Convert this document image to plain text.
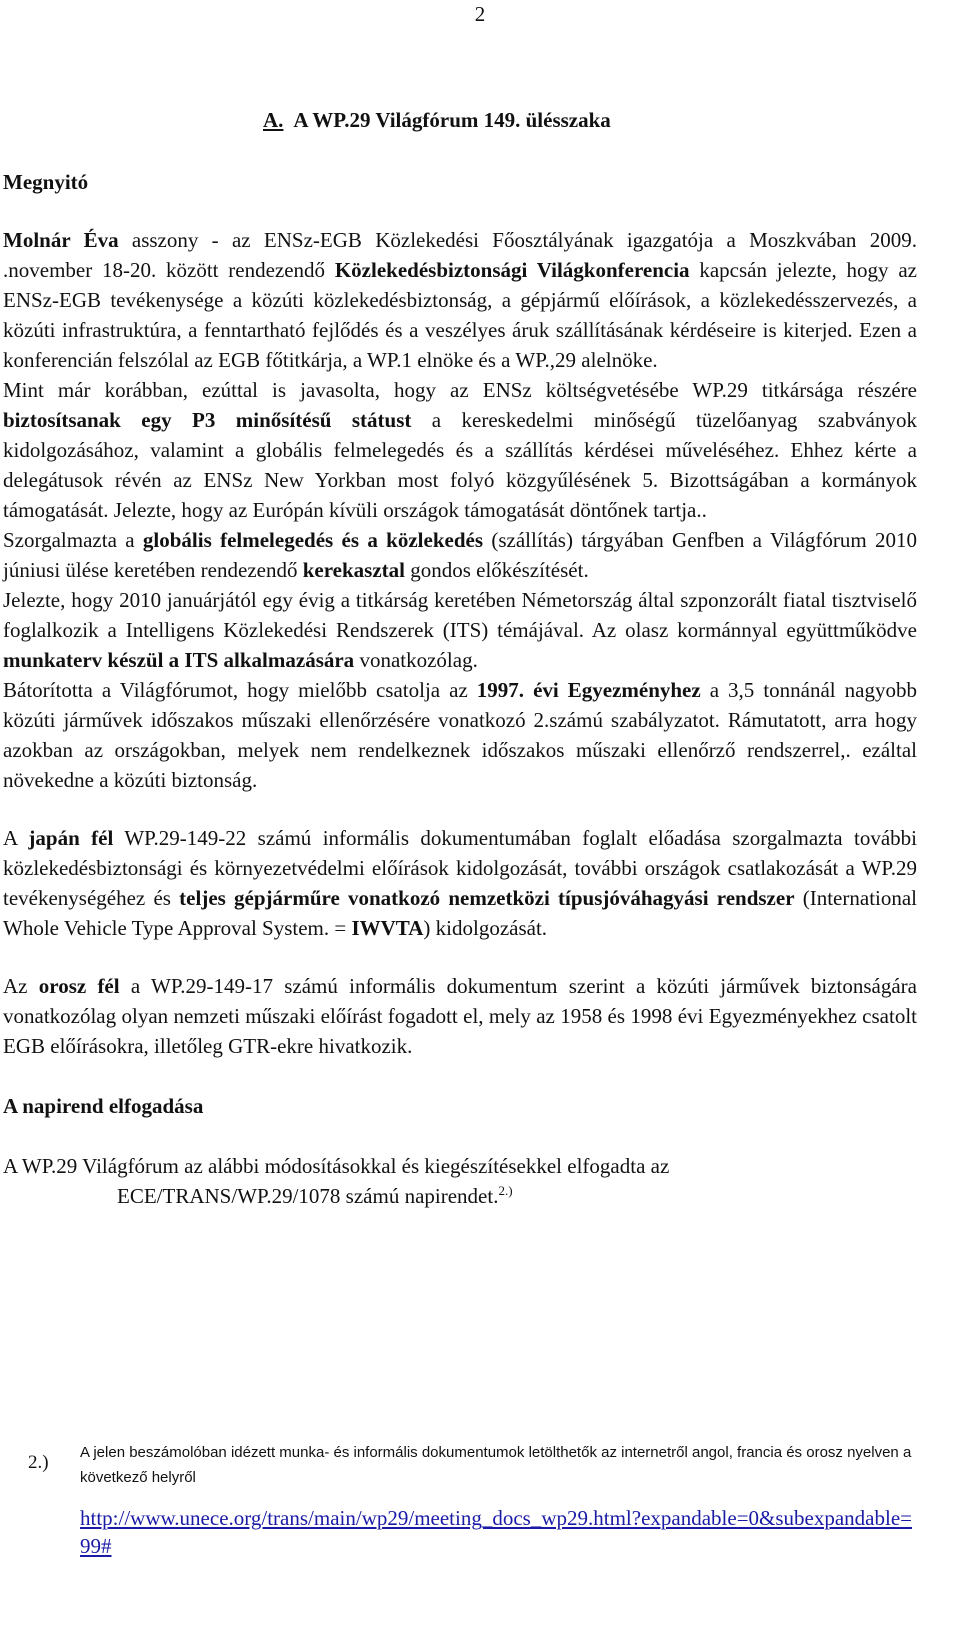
2
A. A WP.29 Világfórum 149. ülésszaka
Megnyitó

Molnár Éva asszony - az ENSz-EGB Közlekedési Főosztályának igazgatója a Moszkvában 2009. .november 18-20. között rendezendő Közlekedésbiztonsági Világkonferencia kapcsán jelezte, hogy az ENSz-EGB tevékenysége a közúti közlekedésbiztonság, a gépjármű előírások, a közlekedésszervezés, a közúti infrastruktúra, a fenntartható fejlődés és a veszélyes áruk szállításának kérdéseire is kiterjed. Ezen a konferencián felszólal az EGB főtitkárja, a WP.1 elnöke és a WP.,29 alelnöke.

Mint már korábban, ezúttal is javasolta, hogy az ENSz költségvetésébe WP.29 titkársága részére biztosítsanak egy P3 minősítésű státust a kereskedelmi minőségű tüzelőanyag szabványok kidolgozásához, valamint a globális felmelegedés és a szállítás kérdései műveléséhez. Ehhez kérte a delegátusok révén az ENSz New Yorkban most folyó közgyűlésének 5. Bizottságában a kormányok támogatását. Jelezte, hogy az Európán kívüli országok támogatását döntőnek tartja..

Szorgalmazta a globális felmelegedés és a közlekedés (szállítás) tárgyában Genfben a Világfórum 2010 júniusi ülése keretében rendezendő kerekasztal gondos előkészítését.

Jelezte, hogy 2010 januárjától egy évig a titkárság keretében Németország által szponzorált fiatal tisztviselő foglalkozik a Intelligens Közlekedési Rendszerek (ITS) témájával. Az olasz kormánnyal együttműködve munkaterv készül a ITS alkalmazására vonatkozólag.

Bátorította a Világfórumot, hogy mielőbb csatolja az 1997. évi Egyezményhez a 3,5 tonnánál nagyobb közúti járművek időszakos műszaki ellenőrzésére vonatkozó 2.számú szabályzatot. Rámutatott, arra hogy azokban az országokban, melyek nem rendelkeznek időszakos műszaki ellenőrző rendszerrel,. ezáltal növekedne a közúti biztonság.

A japán fél WP.29-149-22 számú informális dokumentumában foglalt előadása szorgalmazta további közlekedésbiztonsági és környezetvédelmi előírások kidolgozását, további országok csatlakozását a WP.29 tevékenységéhez és teljes gépjárműre vonatkozó nemzetközi típusjóváhagyási rendszer (International Whole Vehicle Type Approval System. = IWVTA) kidolgozását.

Az orosz fél a WP.29-149-17 számú informális dokumentum szerint a közúti járművek biztonságára vonatkozólag olyan nemzeti műszaki előírást fogadott el, mely az 1958 és 1998 évi Egyezményekhez csatolt EGB előírásokra, illetőleg GTR-ekre hivatkozik.

A napirend elfogadása

A WP.29 Világfórum az alábbi módosításokkal és kiegészítésekkel elfogadta az
ECE/TRANS/WP.29/1078 számú napirendet.$^{2.)}$

2.) A jelen beszámolóban idézett munka- és informális dokumentumok letölthetők az internetről angol, francia és orosz nyelven a következő helyről
http://www.unece.org/trans/main/wp29/meeting_docs_wp29.html?expandable=0&subexpandable=99#
